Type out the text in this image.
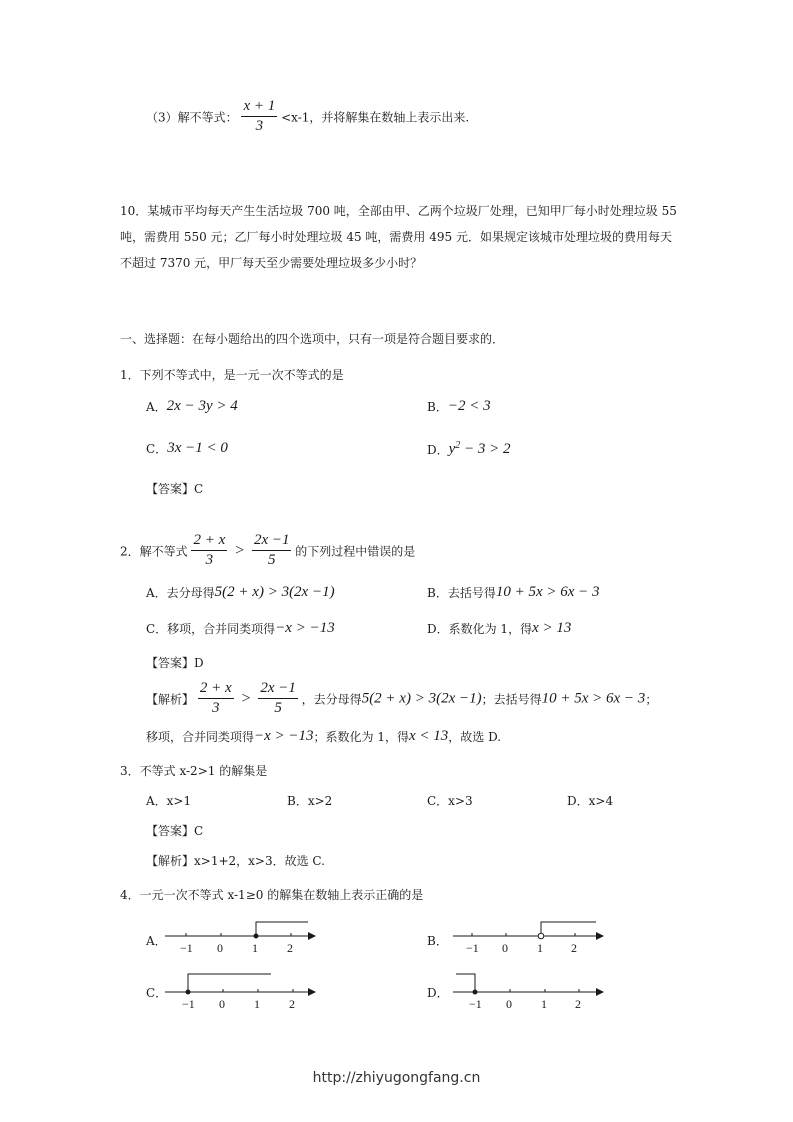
（3）解不等式： $\frac{x + 1}{3} <x-1$，并将解集在数轴上表示出来.
10．某城市平均每天产生生活垃圾 700 吨，全部由甲、乙两个垃圾厂处理，已知甲厂每小时处理垃圾 55 吨，需费用 550 元；乙厂每小时处理垃圾 45 吨，需费用 495 元．如果规定该城市处理垃圾的费用每天不超过 7370 元，甲厂每天至少需要处理垃圾多少小时？
一、选择题：在每小题给出的四个选项中，只有一项是符合题目要求的．
1．下列不等式中，是一元一次不等式的是
A．2x − 3y > 4	B．−2 < 3
C．3x −1 < 0	D．$y^2 - 3 > 2$
【答案】C
2．解不等式 $\frac{2 + x}{3} > \frac{2x -1}{5}$ 的下列过程中错误的是
A．去分母得5(2 + x) > 3(2x −1)	B．去括号得10 + 5x > 6x − 3
C．移项，合并同类项得−x > −13	D．系数化为 1，得x > 13
【答案】D
【解析】 $\frac{2 + x}{3} > \frac{2x -1}{5}$ ，去分母得5(2 + x) > 3(2x −1)；去括号得10 + 5x > 6x − 3；
移项，合并同类项得−x > −13；系数化为 1，得x < 13，故选 D.
3．不等式 x-2>1 的解集是
A．x>1	B．x>2	C．x>3	D．x>4
【答案】C
【解析】x>1+2，x>3．故选 C.
4．一元一次不等式 x-1≥0 的解集在数轴上表示正确的是
A． −1 0 1 2	B． −1 0 1 2
C．
−1 0 1 2
D．
−1 0 1 2
http://zhiyugongfang.cn
